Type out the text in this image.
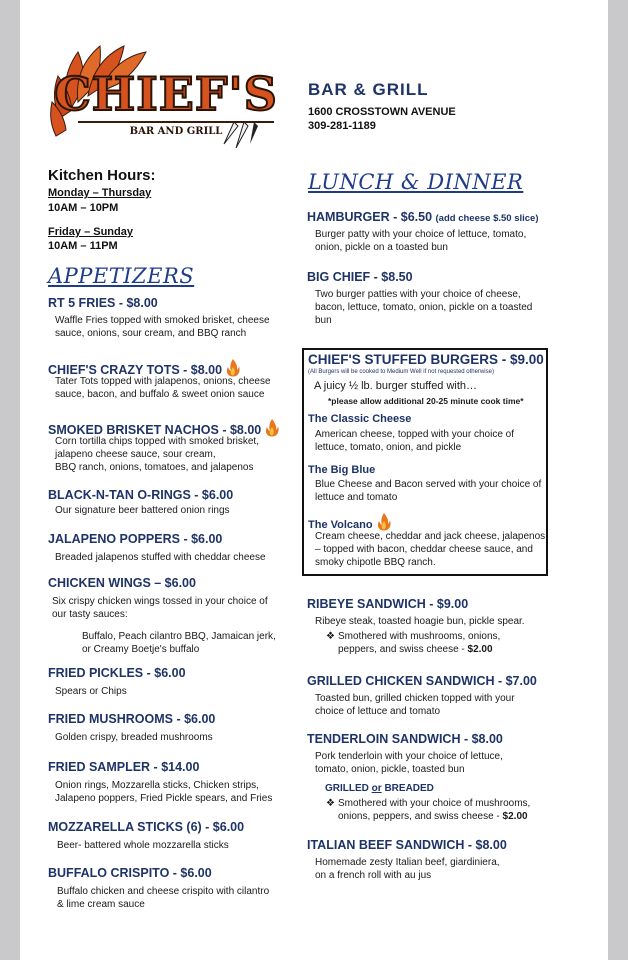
CHIEF'S
BAR AND GRILL
BAR & GRILL
1600 CROSSTOWN AVENUE
309-281-1189
Kitchen Hours:
Monday – Thursday
10AM – 10PM
Friday – Sunday
10AM – 11PM
APPETIZERS
RT 5 FRIES - $8.00
Waffle Fries topped with smoked brisket, cheese
sauce, onions, sour cream, and BBQ ranch
CHIEF'S CRAZY TOTS - $8.00
Tater Tots topped with jalapenos, onions, cheese
sauce, bacon, and buffalo & sweet onion sauce
SMOKED BRISKET NACHOS - $8.00
Corn tortilla chips topped with smoked brisket,
jalapeno cheese sauce, sour cream,
BBQ ranch, onions, tomatoes, and jalapenos
BLACK-N-TAN O-RINGS - $6.00
Our signature beer battered onion rings
JALAPENO POPPERS - $6.00
Breaded jalapenos stuffed with cheddar cheese
CHICKEN WINGS – $6.00
Six crispy chicken wings tossed in your choice of
our tasty sauces:
Buffalo, Peach cilantro BBQ, Jamaican jerk,
or Creamy Boetje's buffalo
FRIED PICKLES - $6.00
Spears or Chips
FRIED MUSHROOMS - $6.00
Golden crispy, breaded mushrooms
FRIED SAMPLER - $14.00
Onion rings, Mozzarella sticks, Chicken strips,
Jalapeno poppers, Fried Pickle spears, and Fries
MOZZARELLA STICKS (6) - $6.00
Beer- battered whole mozzarella sticks
BUFFALO CRISPITO - $6.00
Buffalo chicken and cheese crispito with cilantro
& lime cream sauce
LUNCH & DINNER
HAMBURGER - $6.50 (add cheese $.50 slice)
Burger patty with your choice of lettuce, tomato,
onion, pickle on a toasted bun
BIG CHIEF - $8.50
Two burger patties with your choice of cheese,
bacon, lettuce, tomato, onion, pickle on a toasted
bun
CHIEF'S STUFFED BURGERS - $9.00
(All Burgers will be cooked to Medium Well if not requested otherwise)
A juicy ½ lb. burger stuffed with…
*please allow additional 20-25 minute cook time*
The Classic Cheese
American cheese, topped with your choice of
lettuce, tomato, onion, and pickle
The Big Blue
Blue Cheese and Bacon served with your choice of
lettuce and tomato
The Volcano
Cream cheese, cheddar and jack cheese, jalapenos
– topped with bacon, cheddar cheese sauce, and
smoky chipotle BBQ ranch.
RIBEYE SANDWICH - $9.00
Ribeye steak, toasted hoagie bun, pickle spear.
❖ Smothered with mushrooms, onions,
peppers, and swiss cheese - $2.00
GRILLED CHICKEN SANDWICH - $7.00
Toasted bun, grilled chicken topped with your
choice of lettuce and tomato
TENDERLOIN SANDWICH - $8.00
Pork tenderloin with your choice of lettuce,
tomato, onion, pickle, toasted bun
GRILLED or BREADED
❖ Smothered with your choice of mushrooms,
onions, peppers, and swiss cheese - $2.00
ITALIAN BEEF SANDWICH - $8.00
Homemade zesty Italian beef, giardiniera,
on a french roll with au jus
